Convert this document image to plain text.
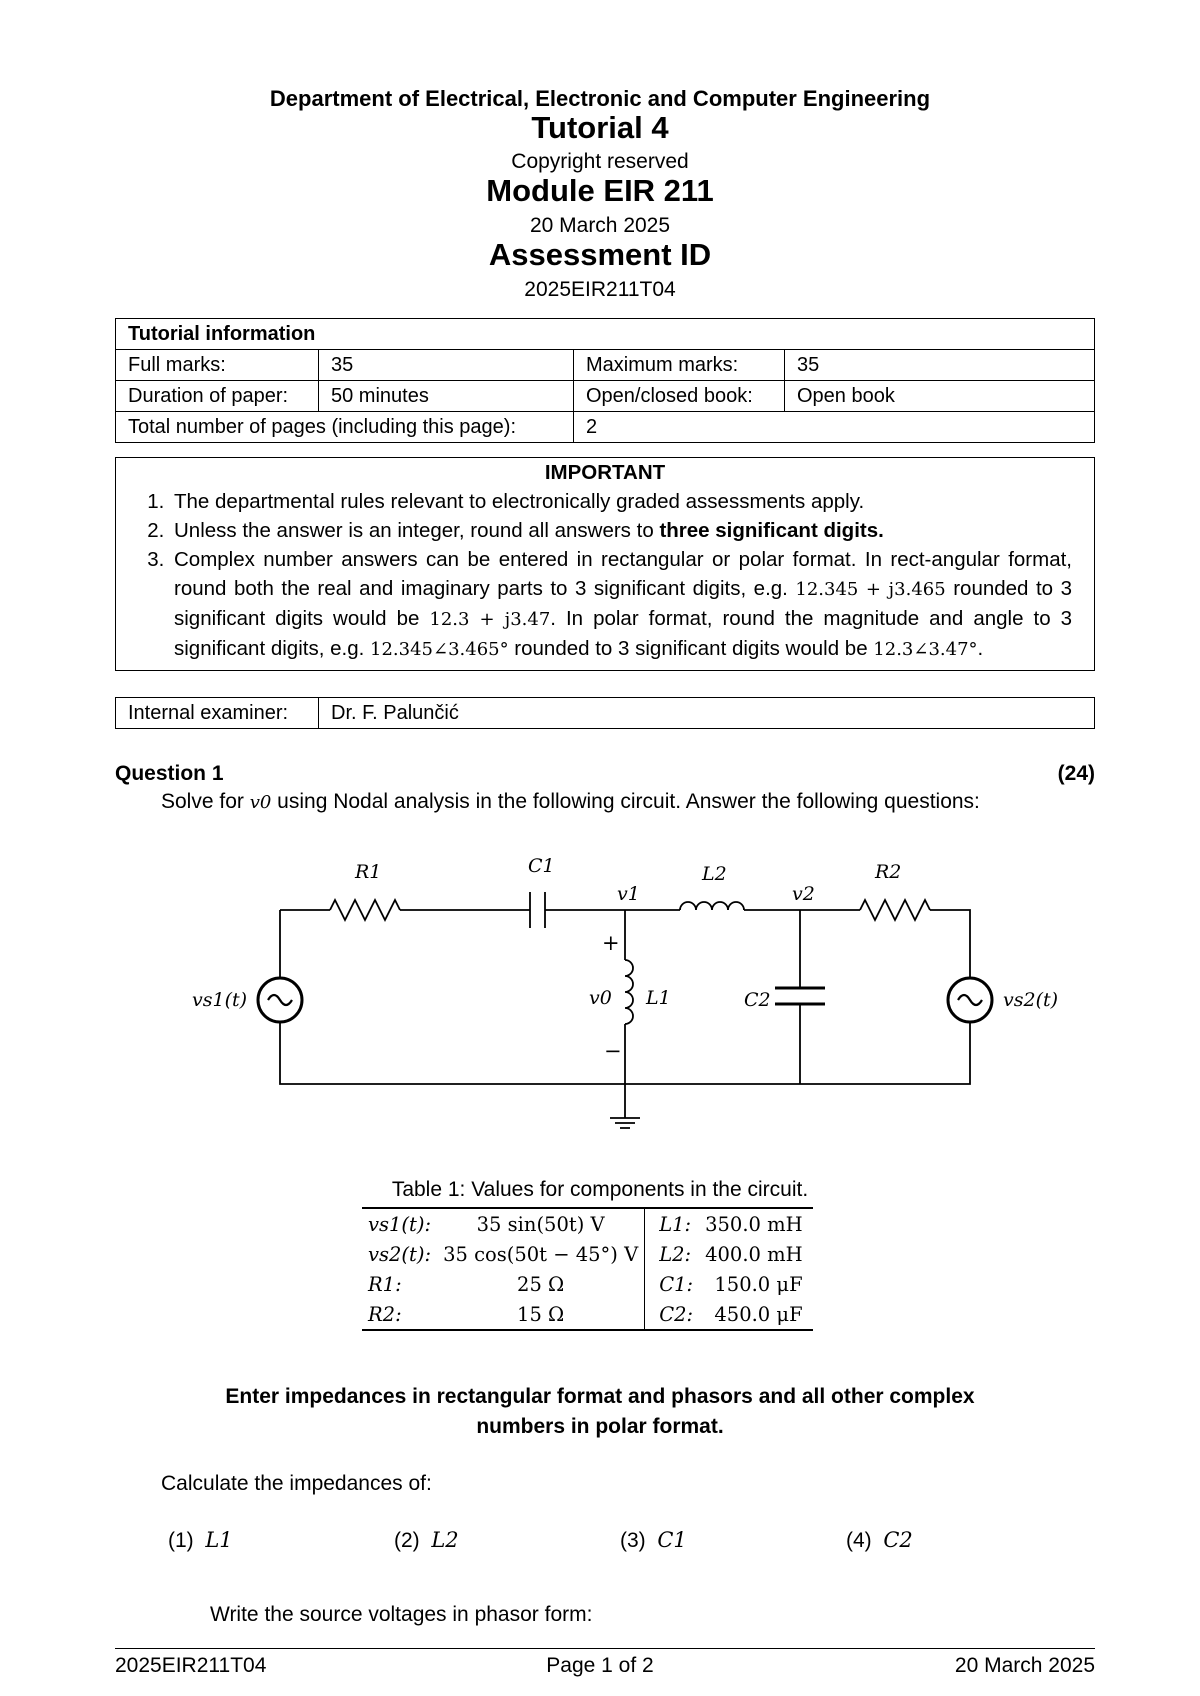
Department of Electrical, Electronic and Computer Engineering
Tutorial 4
Copyright reserved
Module EIR 211
20 March 2025
Assessment ID
2025EIR211T04
Tutorial information			
Full marks:	35	Maximum marks:	35
Duration of paper:	50 minutes	Open/closed book:	Open book
Total number of pages (including this page):		2	
IMPORTANT
1. The departmental rules relevant to electronically graded assessments apply.
2. Unless the answer is an integer, round all answers to three significant digits.
3. Complex number answers can be entered in rectangular or polar format. In rect-angular format, round both the real and imaginary parts to 3 significant digits, e.g. 12.345 + j3.465 rounded to 3 significant digits would be 12.3 + j3.47. In polar format, round the magnitude and angle to 3 significant digits, e.g. 12.345∠3.465° rounded to 3 significant digits would be 12.3∠3.47°.
Internal examiner:	Dr. F. Palunčić
Question 1	(24)
Solve for v0 using Nodal analysis in the following circuit. Answer the following questions:
R1	C1
v1
L2
v2
R2
vs1(t)	vs2(t)
v0 L1	C2
+
−
Table 1: Values for components in the circuit.
vs1(t):	35 sin(50t) V	L1:	350.0 mH
vs2(t):	35 cos(50t − 45°) V	L2:	400.0 mH
R1:	25 Ω	C1:	150.0 μF
R2:	15 Ω	C2:	450.0 μF
Enter impedances in rectangular format and phasors and all other complex
numbers in polar format.
Calculate the impedances of:
(1) L1	(2) L2	(3) C1	(4) C2
Write the source voltages in phasor form:
2025EIR211T04	Page 1 of 2	20 March 2025
